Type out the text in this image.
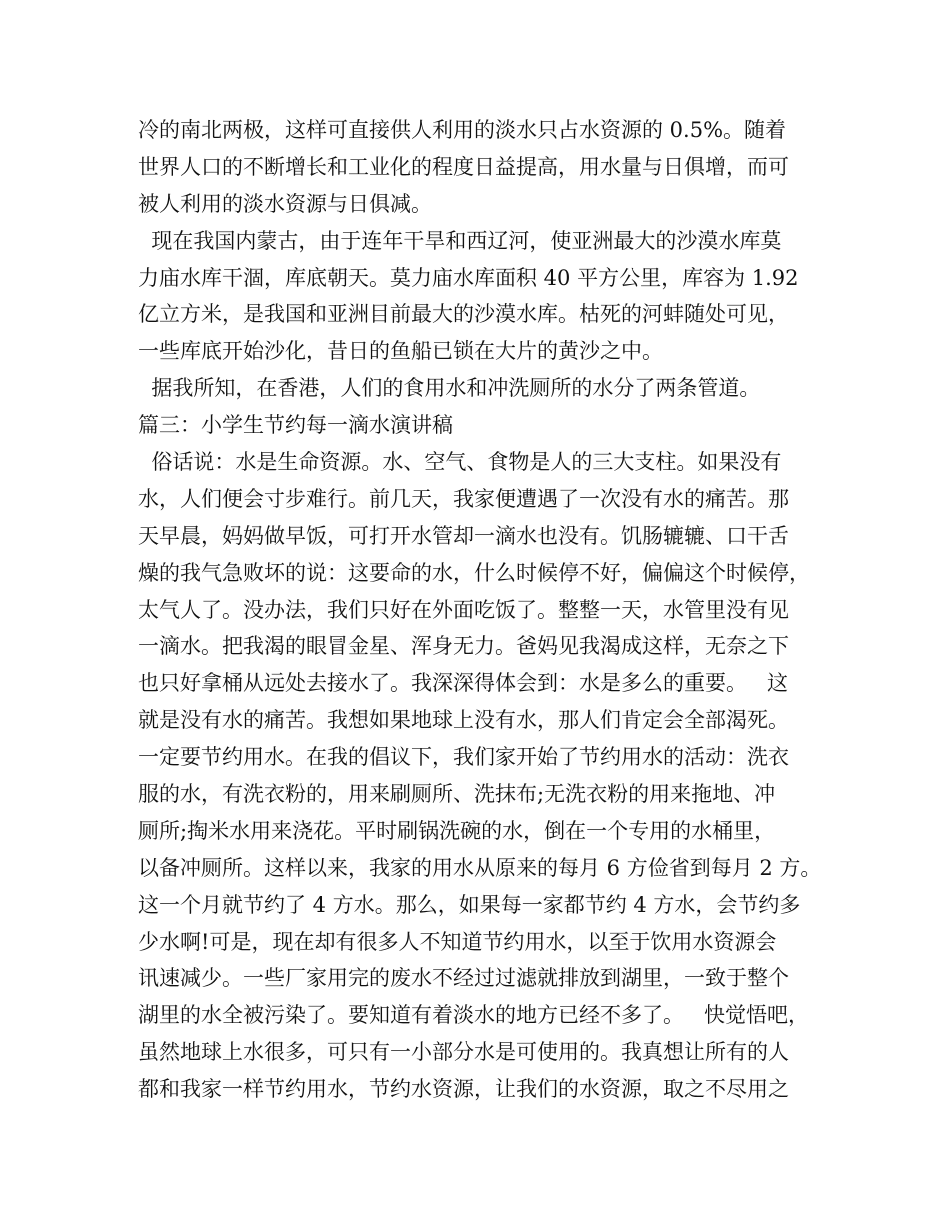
冷的南北两极，这样可直接供人利用的淡水只占水资源的 0.5%。随着
世界人口的不断增长和工业化的程度日益提高，用水量与日俱增，而可
被人利用的淡水资源与日俱减。
现在我国内蒙古，由于连年干旱和西辽河，使亚洲最大的沙漠水库莫
力庙水库干涸，库底朝天。莫力庙水库面积 40 平方公里，库容为 1.92
亿立方米，是我国和亚洲目前最大的沙漠水库。枯死的河蚌随处可见，
一些库底开始沙化，昔日的鱼船已锁在大片的黄沙之中。
据我所知，在香港，人们的食用水和冲洗厕所的水分了两条管道。
篇三：小学生节约每一滴水演讲稿
俗话说：水是生命资源。水、空气、食物是人的三大支柱。如果没有
水，人们便会寸步难行。前几天，我家便遭遇了一次没有水的痛苦。那
天早晨，妈妈做早饭，可打开水管却一滴水也没有。饥肠辘辘、口干舌
燥的我气急败坏的说：这要命的水，什么时候停不好，偏偏这个时候停，
太气人了。没办法，我们只好在外面吃饭了。整整一天，水管里没有见
一滴水。把我渴的眼冒金星、浑身无力。爸妈见我渴成这样，无奈之下
也只好拿桶从远处去接水了。我深深得体会到：水是多么的重要。   这
就是没有水的痛苦。我想如果地球上没有水，那人们肯定会全部渴死。
一定要节约用水。在我的倡议下，我们家开始了节约用水的活动：洗衣
服的水，有洗衣粉的，用来刷厕所、洗抹布;无洗衣粉的用来拖地、冲
厕所;掏米水用来浇花。平时刷锅洗碗的水，倒在一个专用的水桶里，
以备冲厕所。这样以来，我家的用水从原来的每月 6 方俭省到每月 2 方。
这一个月就节约了 4 方水。那么，如果每一家都节约 4 方水，会节约多
少水啊!可是，现在却有很多人不知道节约用水，以至于饮用水资源会
讯速减少。一些厂家用完的废水不经过过滤就排放到湖里，一致于整个
湖里的水全被污染了。要知道有着淡水的地方已经不多了。   快觉悟吧，
虽然地球上水很多，可只有一小部分水是可使用的。我真想让所有的人
都和我家一样节约用水，节约水资源，让我们的水资源，取之不尽用之
